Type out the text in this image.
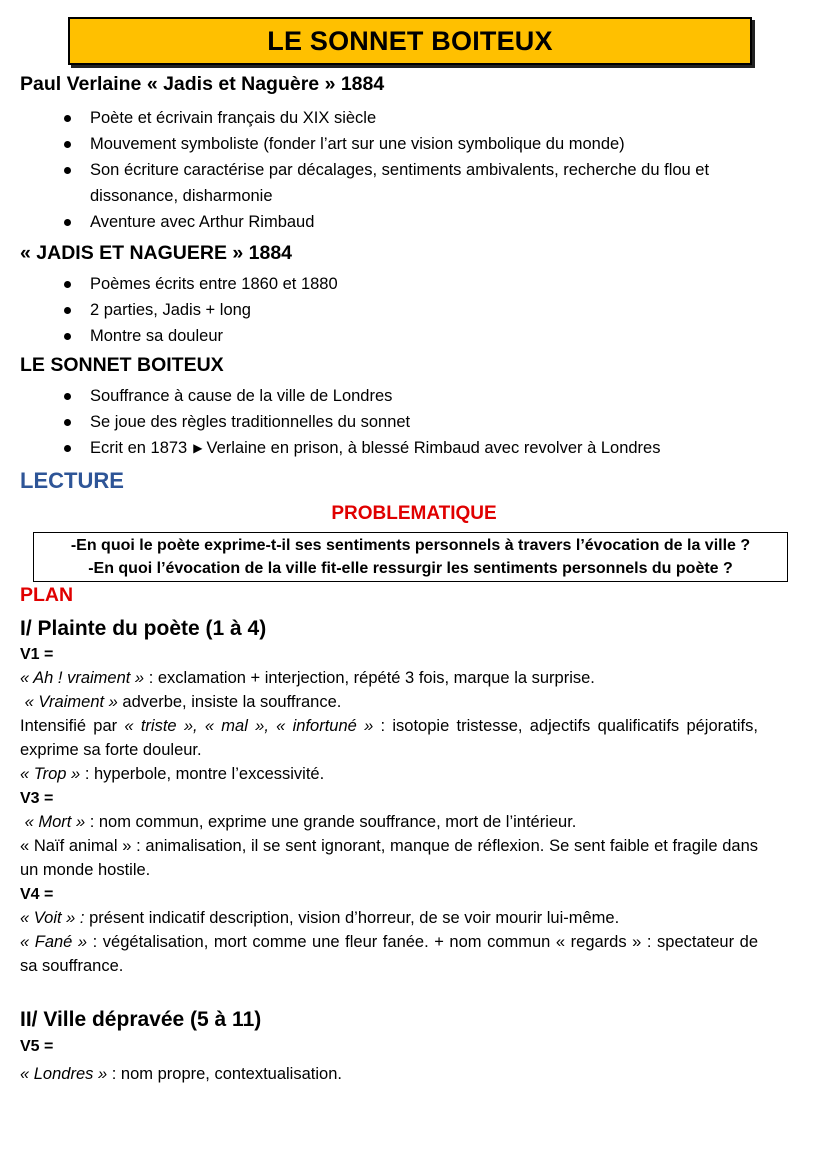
LE SONNET BOITEUX
Paul Verlaine « Jadis et Naguère » 1884
Poète et écrivain français du XIX siècle
Mouvement symboliste (fonder l’art sur une vision symbolique du monde)
Son écriture caractérise par décalages, sentiments ambivalents, recherche du flou et dissonance, disharmonie
Aventure avec Arthur Rimbaud
« JADIS ET NAGUERE » 1884
Poèmes écrits entre 1860 et 1880
2 parties, Jadis + long
Montre sa douleur
LE SONNET BOITEUX
Souffrance à cause de la ville de Londres
Se joue des règles traditionnelles du sonnet
Ecrit en 1873 ▶ Verlaine en prison, à blessé Rimbaud avec revolver à Londres
LECTURE
PROBLEMATIQUE
-En quoi le poète exprime-t-il ses sentiments personnels à travers l’évocation de la ville ?
-En quoi l’évocation de la ville fit-elle ressurgir les sentiments personnels du poète ?
PLAN
I/ Plainte du poète (1 à 4)
V1 =
« Ah ! vraiment » : exclamation + interjection, répété 3 fois, marque la surprise.
« Vraiment » adverbe, insiste la souffrance.
Intensifié par « triste », « mal », « infortuné » : isotopie tristesse, adjectifs qualificatifs péjoratifs, exprime sa forte douleur.
« Trop » : hyperbole, montre l’excessivité.
V3 =
« Mort » : nom commun, exprime une grande souffrance, mort de l’intérieur.
« Naïf animal » : animalisation, il se sent ignorant, manque de réflexion. Se sent faible et fragile dans un monde hostile.
V4 =
« Voit » : présent indicatif description, vision d’horreur, de se voir mourir lui-même.
« Fané » : végétalisation, mort comme une fleur fanée. + nom commun « regards » : spectateur de sa souffrance.
II/ Ville dépravée (5 à 11)
V5 =
« Londres » : nom propre, contextualisation.
